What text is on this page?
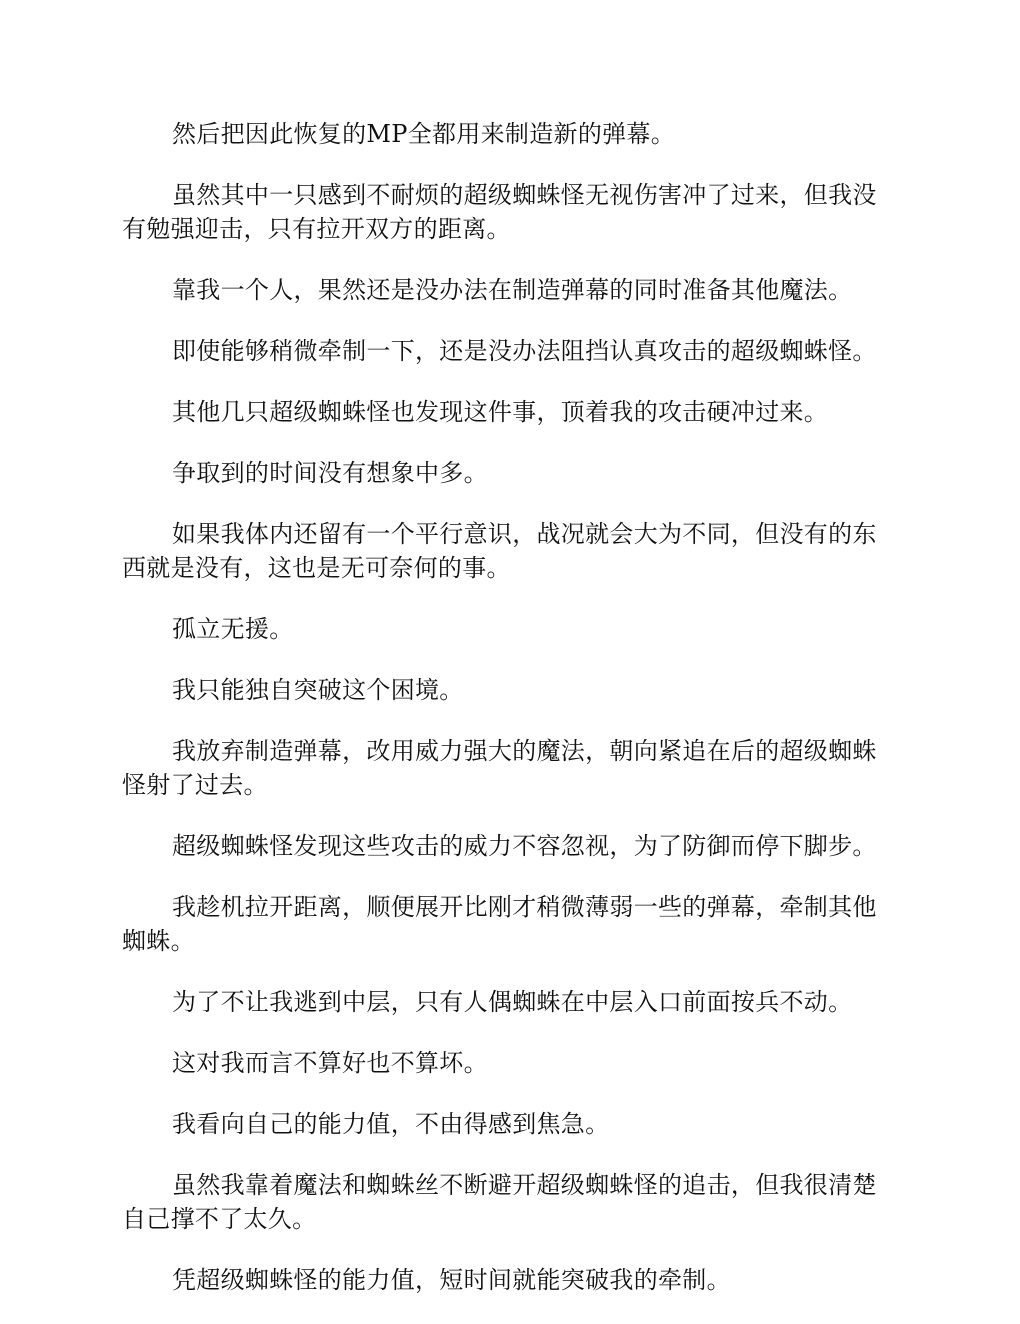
然后把因此恢复的MP全都用来制造新的弹幕。

虽然其中一只感到不耐烦的超级蜘蛛怪无视伤害冲了过来，但我没有勉强迎击，只有拉开双方的距离。

靠我一个人，果然还是没办法在制造弹幕的同时准备其他魔法。

即使能够稍微牵制一下，还是没办法阻挡认真攻击的超级蜘蛛怪。

其他几只超级蜘蛛怪也发现这件事，顶着我的攻击硬冲过来。

争取到的时间没有想象中多。

如果我体内还留有一个平行意识，战况就会大为不同，但没有的东西就是没有，这也是无可奈何的事。

孤立无援。

我只能独自突破这个困境。

我放弃制造弹幕，改用威力强大的魔法，朝向紧追在后的超级蜘蛛怪射了过去。

超级蜘蛛怪发现这些攻击的威力不容忽视，为了防御而停下脚步。

我趁机拉开距离，顺便展开比刚才稍微薄弱一些的弹幕，牵制其他蜘蛛。

为了不让我逃到中层，只有人偶蜘蛛在中层入口前面按兵不动。

这对我而言不算好也不算坏。

我看向自己的能力值，不由得感到焦急。

虽然我靠着魔法和蜘蛛丝不断避开超级蜘蛛怪的追击，但我很清楚自己撑不了太久。

凭超级蜘蛛怪的能力值，短时间就能突破我的牵制。
